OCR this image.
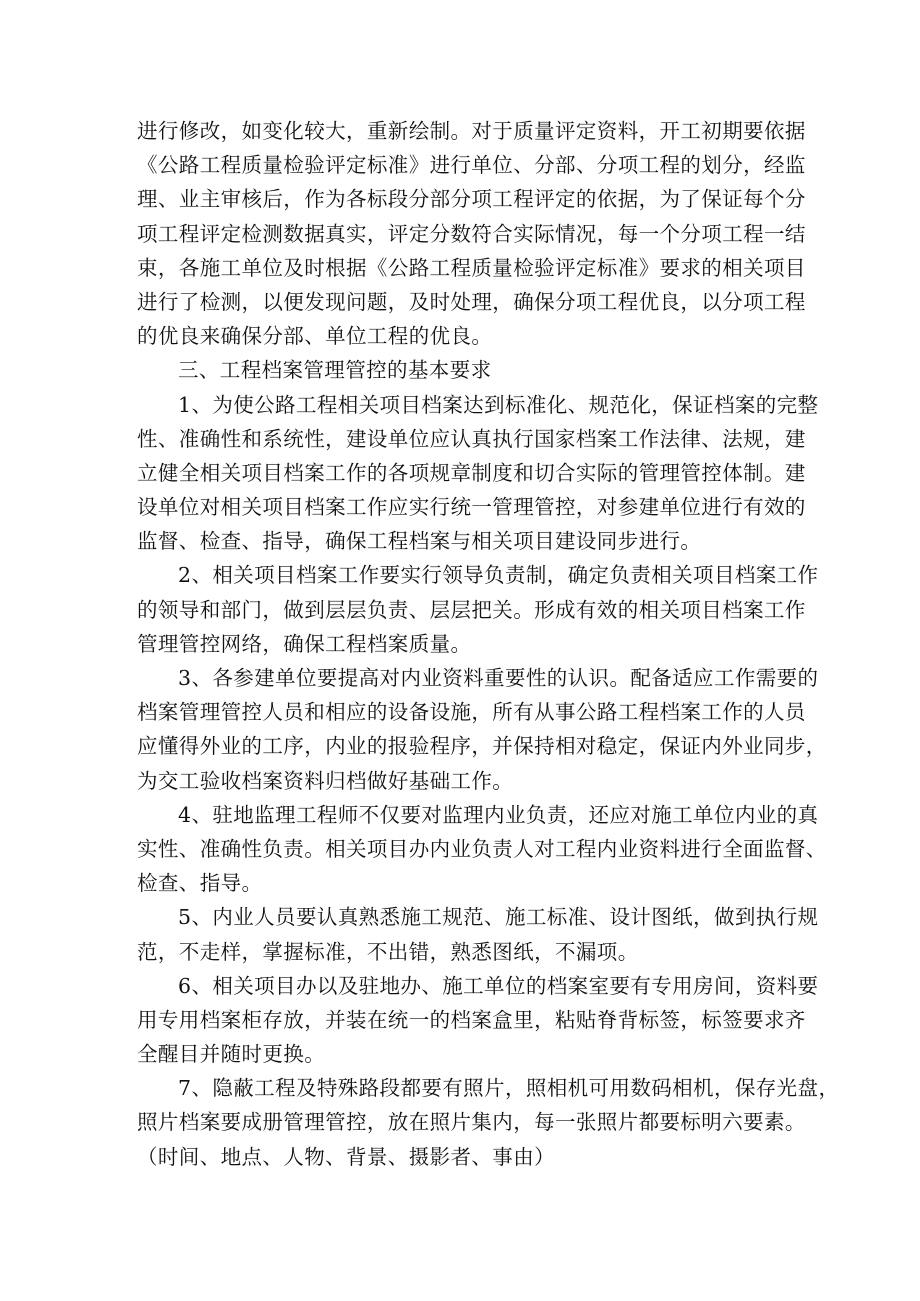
进行修改，如变化较大，重新绘制。对于质量评定资料，开工初期要依据
《公路工程质量检验评定标准》进行单位、分部、分项工程的划分，经监
理、业主审核后，作为各标段分部分项工程评定的依据，为了保证每个分
项工程评定检测数据真实，评定分数符合实际情况，每一个分项工程一结
束，各施工单位及时根据《公路工程质量检验评定标准》要求的相关项目
进行了检测，以便发现问题，及时处理，确保分项工程优良，以分项工程
的优良来确保分部、单位工程的优良。
三、工程档案管理管控的基本要求
1、为使公路工程相关项目档案达到标准化、规范化，保证档案的完整
性、准确性和系统性，建设单位应认真执行国家档案工作法律、法规，建
立健全相关项目档案工作的各项规章制度和切合实际的管理管控体制。建
设单位对相关项目档案工作应实行统一管理管控，对参建单位进行有效的
监督、检查、指导，确保工程档案与相关项目建设同步进行。
2、相关项目档案工作要实行领导负责制，确定负责相关项目档案工作
的领导和部门，做到层层负责、层层把关。形成有效的相关项目档案工作
管理管控网络，确保工程档案质量。
3、各参建单位要提高对内业资料重要性的认识。配备适应工作需要的
档案管理管控人员和相应的设备设施，所有从事公路工程档案工作的人员
应懂得外业的工序，内业的报验程序，并保持相对稳定，保证内外业同步，
为交工验收档案资料归档做好基础工作。
4、驻地监理工程师不仅要对监理内业负责，还应对施工单位内业的真
实性、准确性负责。相关项目办内业负责人对工程内业资料进行全面监督、
检查、指导。
5、内业人员要认真熟悉施工规范、施工标准、设计图纸，做到执行规
范，不走样，掌握标准，不出错，熟悉图纸，不漏项。
6、相关项目办以及驻地办、施工单位的档案室要有专用房间，资料要
用专用档案柜存放，并装在统一的档案盒里，粘贴脊背标签，标签要求齐
全醒目并随时更换。
7、隐蔽工程及特殊路段都要有照片，照相机可用数码相机，保存光盘，
照片档案要成册管理管控，放在照片集内，每一张照片都要标明六要素。
（时间、地点、人物、背景、摄影者、事由）
